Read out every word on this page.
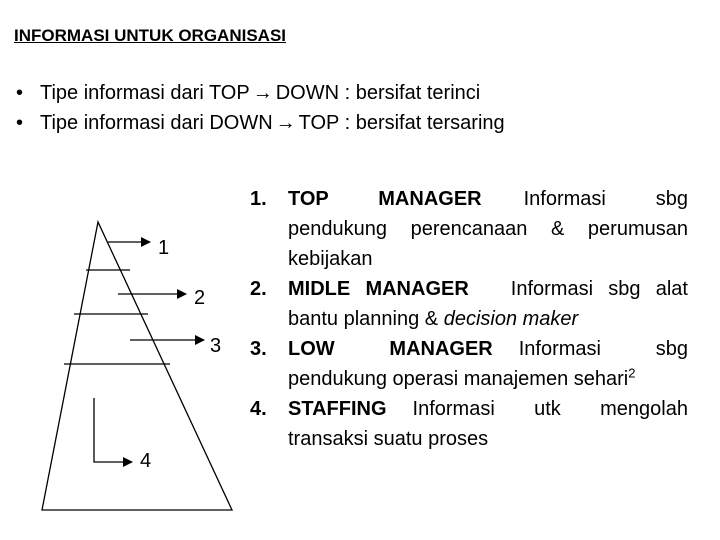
INFORMASI UNTUK ORGANISASI
• Tipe informasi dari TOP → DOWN : bersifat terinci
• Tipe informasi dari DOWN → TOP : bersifat tersaring
1
2
3
4
1. TOP MANAGER Informasi sbg pendukung perencanaan & perumusan kebijakan
2. MIDLE MANAGER Informasi sbg alat bantu planning & decision maker
3. LOW MANAGER Informasi sbg pendukung operasi manajemen sehari$^2$
4. STAFFING Informasi utk mengolah transaksi suatu proses
